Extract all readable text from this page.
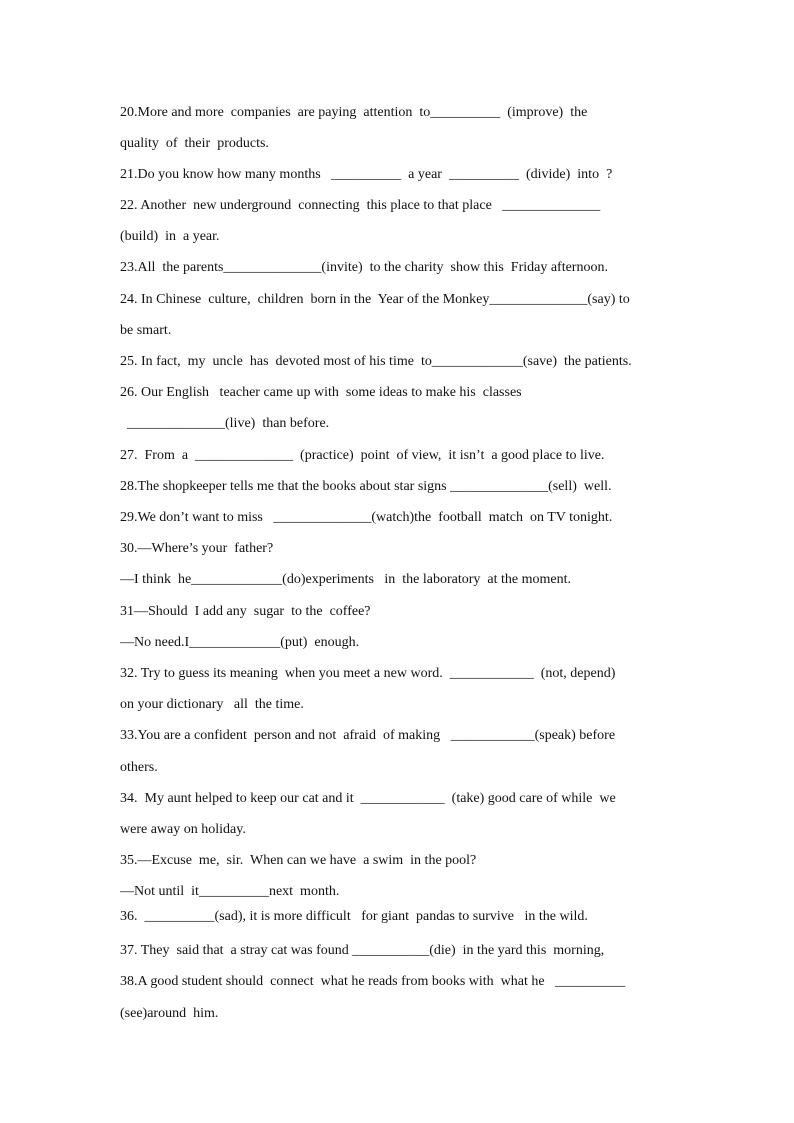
20.More and more  companies  are paying  attention  to__________  (improve)  the
quality  of  their  products.
21.Do you know how many months   __________  a year  __________  (divide)  into  ?
22. Another  new underground  connecting  this place to that place   ______________
(build)  in  a year.
23.All  the parents______________(invite)  to the charity  show this  Friday afternoon.
24. In Chinese  culture,  children  born in the  Year of the Monkey______________(say) to
be smart.
25. In fact,  my  uncle  has  devoted most of his time  to_____________(save)  the patients.
26. Our English   teacher came up with  some ideas to make his  classes
______________(live)  than before.
27.  From  a  ______________  (practice)  point  of view,  it isn’t  a good place to live.
28.The shopkeeper tells me that the books about star signs ______________(sell)  well.
29.We don’t want to miss   ______________(watch)the  football  match  on TV tonight.
30.—Where’s your  father?
—I think  he_____________(do)experiments   in  the laboratory  at the moment.
31—Should  I add any  sugar  to the  coffee?
—No need.I_____________(put)  enough.
32. Try to guess its meaning  when you meet a new word.  ____________  (not, depend)
on your dictionary   all  the time.
33.You are a confident  person and not  afraid  of making   ____________(speak) before
others.
34.  My aunt helped to keep our cat and it  ____________  (take) good care of while  we
were away on holiday.
35.—Excuse  me,  sir.  When can we have  a swim  in the pool?
—Not until  it__________next  month.
36.  __________(sad), it is more difficult   for giant  pandas to survive   in the wild.
37. They  said that  a stray cat was found ___________(die)  in the yard this  morning,
38.A good student should  connect  what he reads from books with  what he   __________
(see)around  him.
